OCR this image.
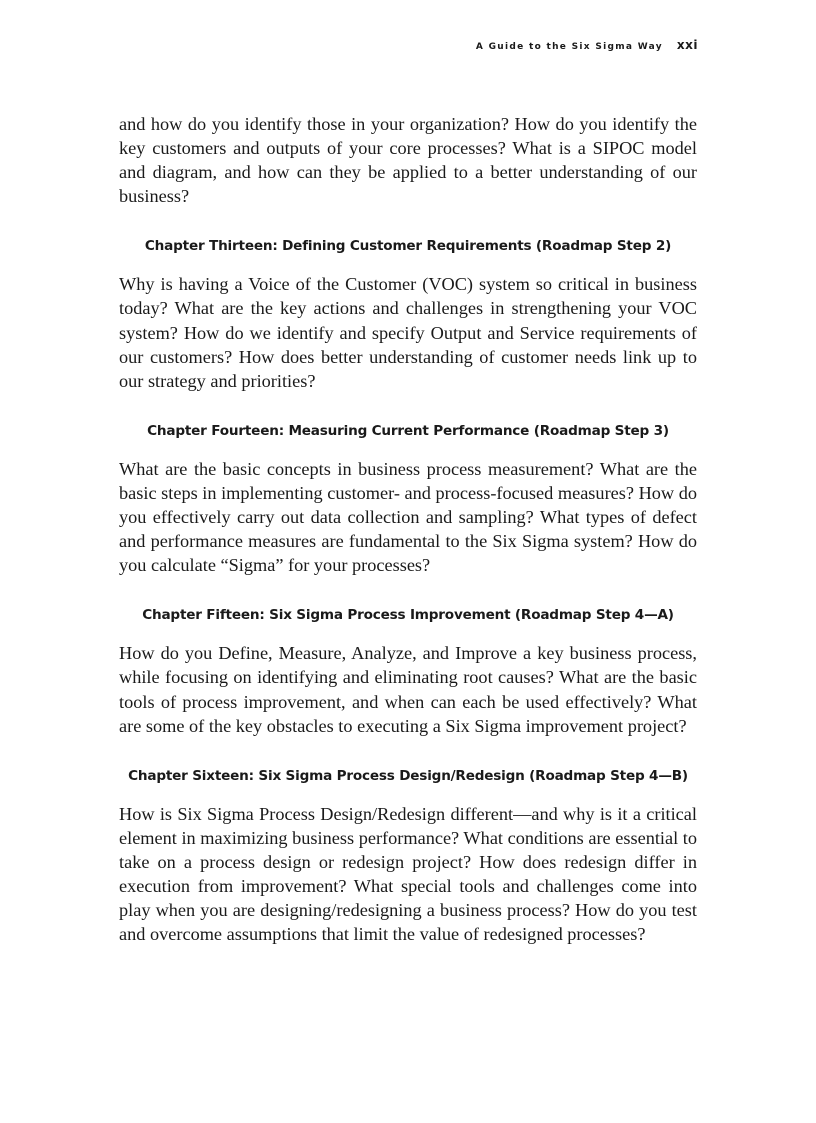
A Guide to the Six Sigma Way xxi

and how do you identify those in your organization? How do you identify the key customers and outputs of your core processes? What is a SIPOC model and diagram, and how can they be applied to a better understanding of our business?

Chapter Thirteen: Defining Customer Requirements (Roadmap Step 2)

Why is having a Voice of the Customer (VOC) system so critical in business today? What are the key actions and challenges in strengthening your VOC system? How do we identify and specify Output and Service requirements of our customers? How does better understanding of customer needs link up to our strategy and priorities?

Chapter Fourteen: Measuring Current Performance (Roadmap Step 3)

What are the basic concepts in business process measurement? What are the basic steps in implementing customer- and process-focused measures? How do you effectively carry out data collection and sampling? What types of defect and performance measures are fundamental to the Six Sigma system? How do you calculate “Sigma” for your processes?

Chapter Fifteen: Six Sigma Process Improvement (Roadmap Step 4—A)

How do you Define, Measure, Analyze, and Improve a key business process, while focusing on identifying and eliminating root causes? What are the basic tools of process improvement, and when can each be used effectively? What are some of the key obstacles to executing a Six Sigma improvement project?

Chapter Sixteen: Six Sigma Process Design/Redesign (Roadmap Step 4—B)

How is Six Sigma Process Design/Redesign different—and why is it a critical element in maximizing business performance? What conditions are essential to take on a process design or redesign project? How does redesign differ in execution from improvement? What special tools and challenges come into play when you are designing/redesigning a business process? How do you test and overcome assumptions that limit the value of redesigned processes?
